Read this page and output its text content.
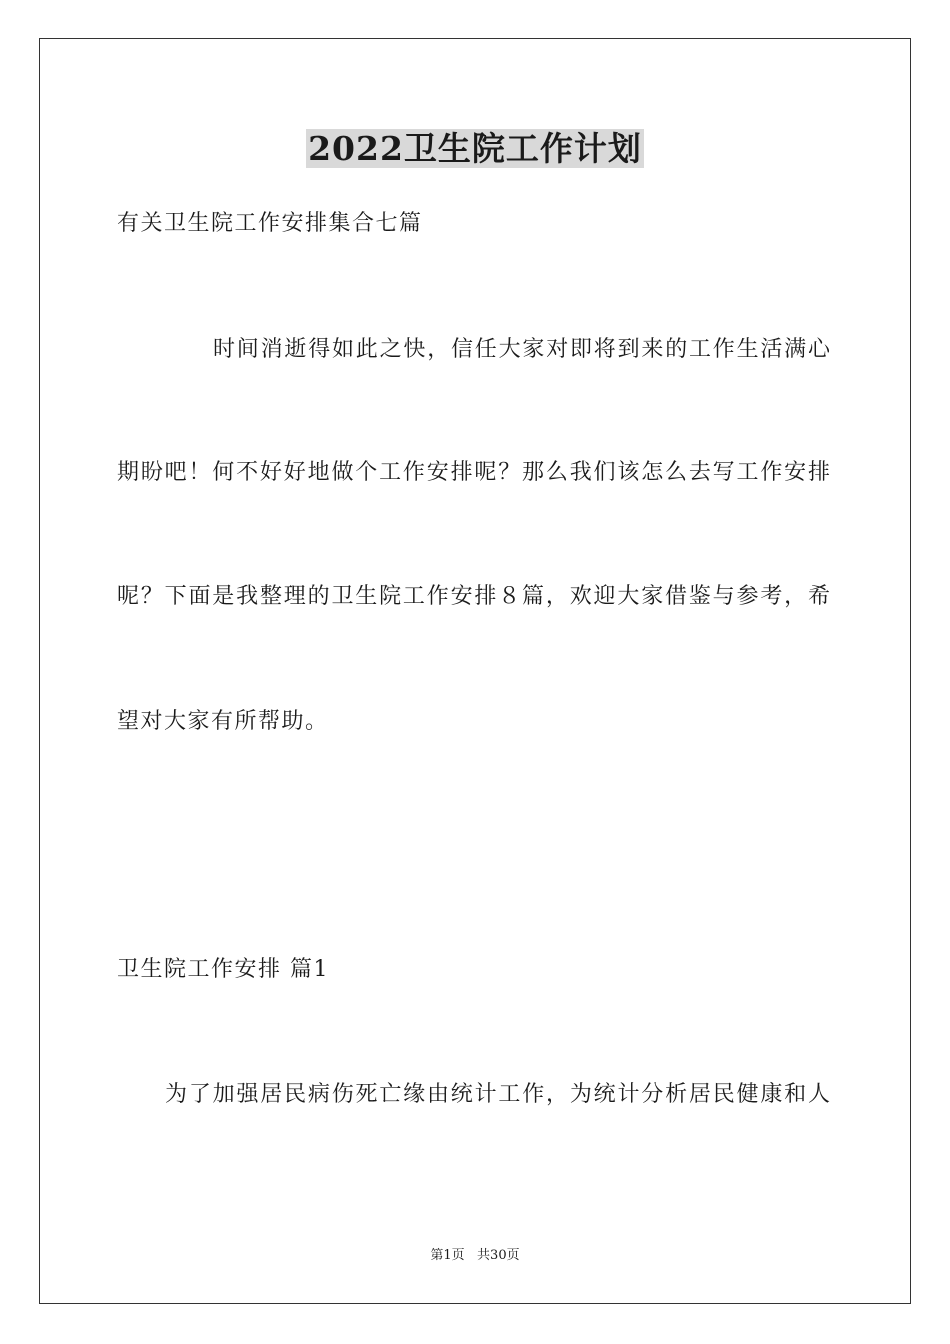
2022卫生院工作计划
有关卫生院工作安排集合七篇
时间消逝得如此之快，信任大家对即将到来的工作生活满心
期盼吧！何不好好地做个工作安排呢？那么我们该怎么去写工作安排
呢？下面是我整理的卫生院工作安排８篇，欢迎大家借鉴与参考，希
望对大家有所帮助。
卫生院工作安排 篇1
为了加强居民病伤死亡缘由统计工作，为统计分析居民健康和人
第1页   共30页
